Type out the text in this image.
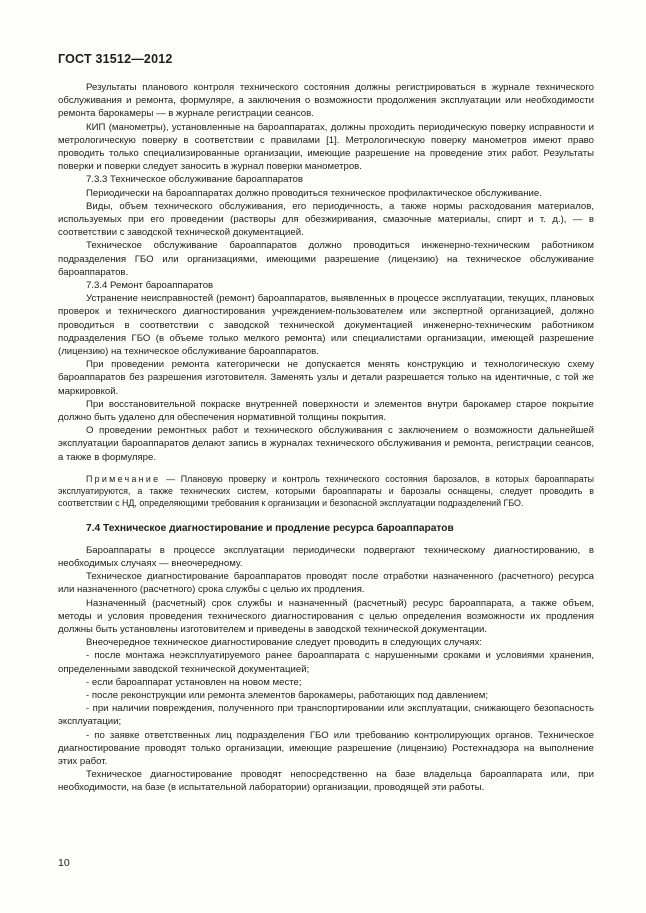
ГОСТ 31512—2012

Результаты планового контроля технического состояния должны регистрироваться в журнале технического обслуживания и ремонта, формуляре, а заключения о возможности продолжения эксплуатации или необходимости ремонта барокамеры — в журнале регистрации сеансов.

КИП (манометры), установленные на бароаппаратах, должны проходить периодическую поверку исправности и метрологическую поверку в соответствии с правилами [1]. Метрологическую поверку манометров имеют право проводить только специализированные организации, имеющие разрешение на проведение этих работ. Результаты поверки и поверки следует заносить в журнал поверки манометров.

7.3.3 Техническое обслуживание бароаппаратов

Периодически на бароаппаратах должно проводиться техническое профилактическое обслуживание.

Виды, объем технического обслуживания, его периодичность, а также нормы расходования материалов, используемых при его проведении (растворы для обезжиривания, смазочные материалы, спирт и т. д.), — в соответствии с заводской технической документацией.

Техническое обслуживание бароаппаратов должно проводиться инженерно-техническим работником подразделения ГБО или организациями, имеющими разрешение (лицензию) на техническое обслуживание бароаппаратов.

7.3.4 Ремонт бароаппаратов

Устранение неисправностей (ремонт) бароаппаратов, выявленных в процессе эксплуатации, текущих, плановых проверок и технического диагностирования учреждением-пользователем или экспертной организацией, должно проводиться в соответствии с заводской технической документацией инженерно-техническим работником подразделения ГБО (в объеме только мелкого ремонта) или специалистами организации, имеющей разрешение (лицензию) на техническое обслуживание бароаппаратов.

При проведении ремонта категорически не допускается менять конструкцию и технологическую схему бароаппаратов без разрешения изготовителя. Заменять узлы и детали разрешается только на идентичные, с той же маркировкой.

При восстановительной покраске внутренней поверхности и элементов внутри барокамер старое покрытие должно быть удалено для обеспечения нормативной толщины покрытия.

О проведении ремонтных работ и технического обслуживания с заключением о возможности дальнейшей эксплуатации бароаппаратов делают запись в журналах технического обслуживания и ремонта, регистрации сеансов, а также в формуляре.

Примечание — Плановую проверку и контроль технического состояния барозалов, в которых бароаппараты эксплуатируются, а также технических систем, которыми бароаппараты и барозалы оснащены, следует проводить в соответствии с НД, определяющими требования к организации и безопасной эксплуатации подразделений ГБО.

7.4 Техническое диагностирование и продление ресурса бароаппаратов

Бароаппараты в процессе эксплуатации периодически подвергают техническому диагностированию, в необходимых случаях — внеочередному.

Техническое диагностирование бароаппаратов проводят после отработки назначенного (расчетного) ресурса или назначенного (расчетного) срока службы с целью их продления.

Назначенный (расчетный) срок службы и назначенный (расчетный) ресурс бароаппарата, а также объем, методы и условия проведения технического диагностирования с целью определения возможности их продления должны быть установлены изготовителем и приведены в заводской технической документации.

Внеочередное техническое диагностирование следует проводить в следующих случаях:

- после монтажа неэксплуатируемого ранее бароаппарата с нарушенными сроками и условиями хранения, определенными заводской технической документацией;

- если бароаппарат установлен на новом месте;

- после реконструкции или ремонта элементов барокамеры, работающих под давлением;

- при наличии повреждения, полученного при транспортировании или эксплуатации, снижающего безопасность эксплуатации;

- по заявке ответственных лиц подразделения ГБО или требованию контролирующих органов. Техническое диагностирование проводят только организации, имеющие разрешение (лицензию) Ростехнадзора на выполнение этих работ.

Техническое диагностирование проводят непосредственно на базе владельца бароаппарата или, при необходимости, на базе (в испытательной лаборатории) организации, проводящей эти работы.

10
